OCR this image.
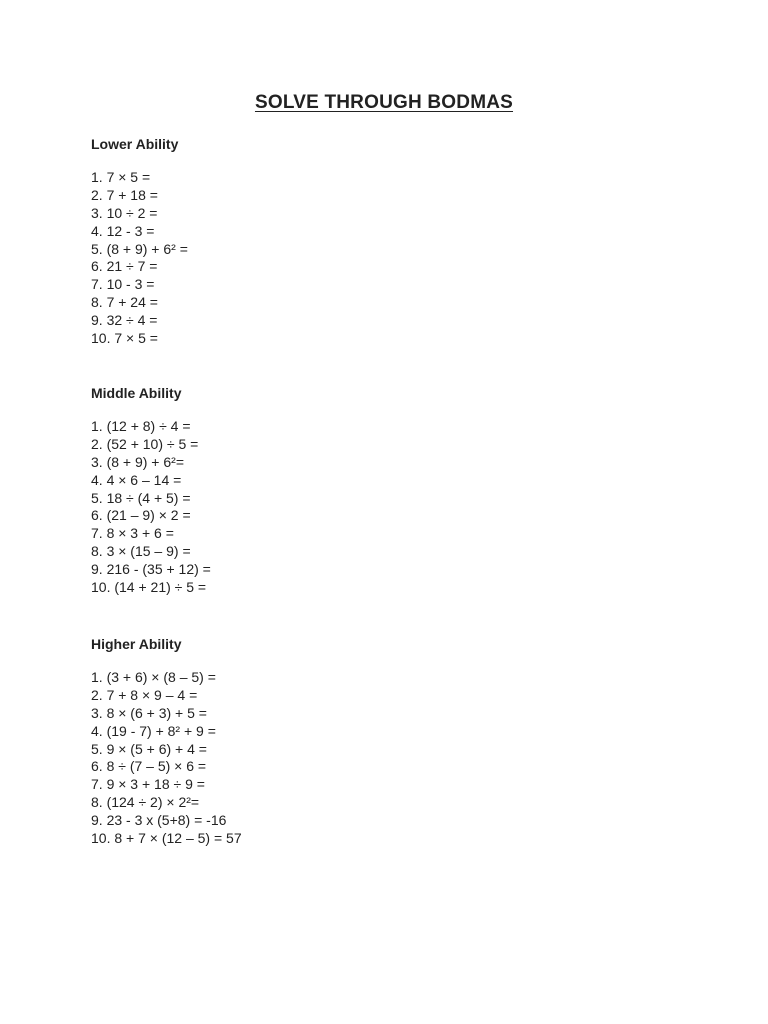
SOLVE THROUGH BODMAS
Lower Ability
1. 7 × 5 =
2. 7 + 18 =
3. 10 ÷ 2 =
4. 12 - 3 =
5. (8 + 9) + 6² =
6. 21 ÷ 7 =
7. 10 - 3 =
8. 7 + 24 =
9. 32 ÷ 4 =
10. 7 × 5 =
Middle Ability
1. (12 + 8) ÷ 4 =
2. (52 + 10) ÷ 5 =
3. (8 + 9) + 6²=
4. 4 × 6 – 14 =
5. 18 ÷ (4 + 5) =
6. (21 – 9) × 2 =
7. 8 × 3 + 6 =
8. 3 × (15 – 9) =
9. 216 - (35 + 12) =
10. (14 + 21) ÷ 5 =
Higher Ability
1. (3 + 6) × (8 – 5) =
2. 7 + 8 × 9 – 4 =
3. 8 × (6 + 3) + 5 =
4. (19 - 7) + 8² + 9 =
5. 9 × (5 + 6) + 4 =
6. 8 ÷ (7 – 5) × 6 =
7. 9 × 3 + 18 ÷ 9 =
8. (124 ÷ 2) × 2²=
9. 23 - 3 x (5+8) = -16
10. 8 + 7 × (12 – 5) = 57
